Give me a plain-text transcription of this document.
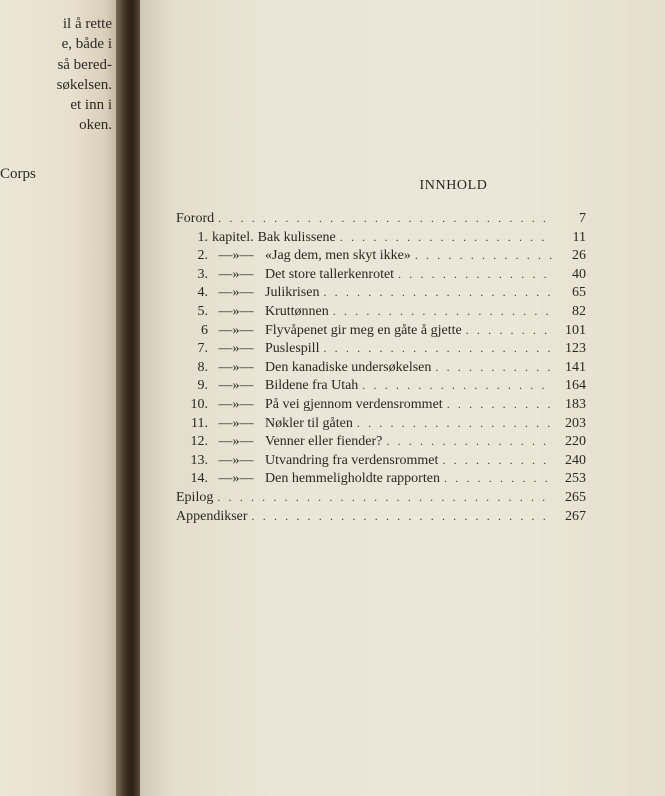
il å rette
e, både i
så bered-
søkelsen.
et inn i
oken.
Corps
INNHOLD
Forord . . .	7
1. kapitel. Bak kulissene . . .	11
2. —»— «Jag dem, men skyt ikke» . . .	26
3. —»— Det store tallerkenrotet . . .	40
4. —»— Julikrisen . . .	65
5. —»— Kruttønnen . . .	82
6 —»— Flyvåpenet gir meg en gåte å gjette . . .	101
7. —»— Puslespill . . .	123
8. —»— Den kanadiske undersøkelsen . . .	141
9. —»— Bildene fra Utah . . .	164
10. —»— På vei gjennom verdensrommet . . .	183
11. —»— Nøkler til gåten . . .	203
12. —»— Venner eller fiender? . . .	220
13. —»— Utvandring fra verdensrommet . . .	240
14. —»— Den hemmeligholdte rapporten . . .	253
Epilog . . .	265
Appendikser . . .	267
